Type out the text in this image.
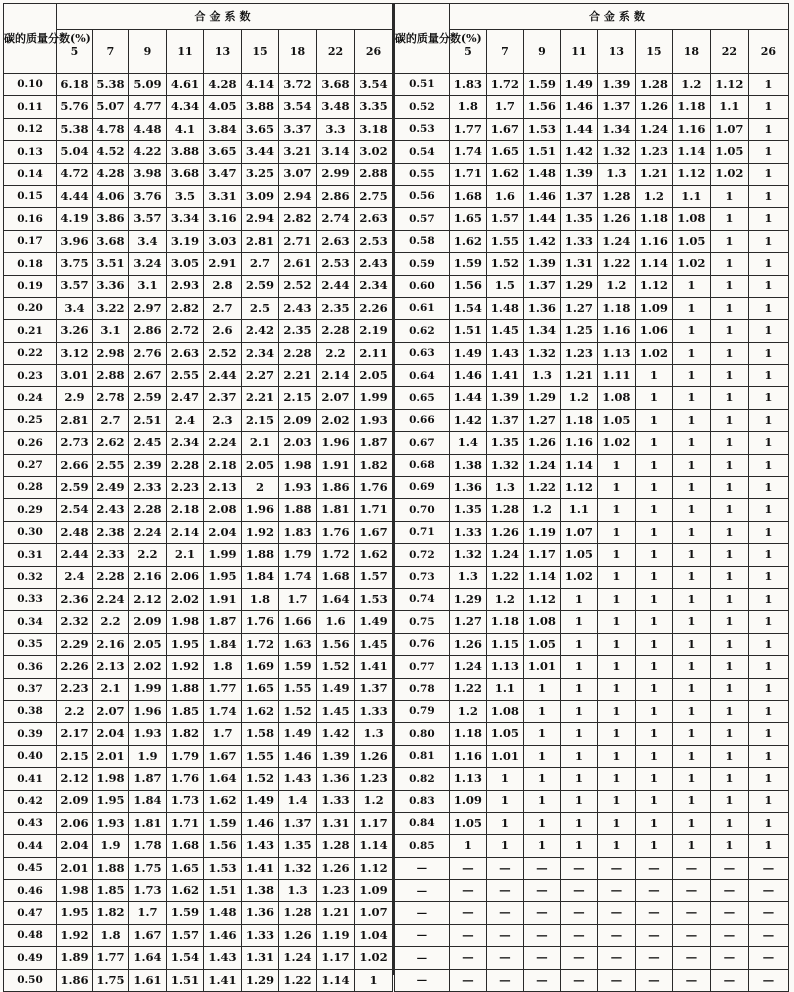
碳的质量分数(%)	合金系数								
	5	7	9	11	13	15	18	22	26
0.10	6.18	5.38	5.09	4.61	4.28	4.14	3.72	3.68	3.54
0.11	5.76	5.07	4.77	4.34	4.05	3.88	3.54	3.48	3.35
0.12	5.38	4.78	4.48	4.1	3.84	3.65	3.37	3.3	3.18
0.13	5.04	4.52	4.22	3.88	3.65	3.44	3.21	3.14	3.02
0.14	4.72	4.28	3.98	3.68	3.47	3.25	3.07	2.99	2.88
0.15	4.44	4.06	3.76	3.5	3.31	3.09	2.94	2.86	2.75
0.16	4.19	3.86	3.57	3.34	3.16	2.94	2.82	2.74	2.63
0.17	3.96	3.68	3.4	3.19	3.03	2.81	2.71	2.63	2.53
0.18	3.75	3.51	3.24	3.05	2.91	2.7	2.61	2.53	2.43
0.19	3.57	3.36	3.1	2.93	2.8	2.59	2.52	2.44	2.34
0.20	3.4	3.22	2.97	2.82	2.7	2.5	2.43	2.35	2.26
0.21	3.26	3.1	2.86	2.72	2.6	2.42	2.35	2.28	2.19
0.22	3.12	2.98	2.76	2.63	2.52	2.34	2.28	2.2	2.11
0.23	3.01	2.88	2.67	2.55	2.44	2.27	2.21	2.14	2.05
0.24	2.9	2.78	2.59	2.47	2.37	2.21	2.15	2.07	1.99
0.25	2.81	2.7	2.51	2.4	2.3	2.15	2.09	2.02	1.93
0.26	2.73	2.62	2.45	2.34	2.24	2.1	2.03	1.96	1.87
0.27	2.66	2.55	2.39	2.28	2.18	2.05	1.98	1.91	1.82
0.28	2.59	2.49	2.33	2.23	2.13	2	1.93	1.86	1.76
0.29	2.54	2.43	2.28	2.18	2.08	1.96	1.88	1.81	1.71
0.30	2.48	2.38	2.24	2.14	2.04	1.92	1.83	1.76	1.67
0.31	2.44	2.33	2.2	2.1	1.99	1.88	1.79	1.72	1.62
0.32	2.4	2.28	2.16	2.06	1.95	1.84	1.74	1.68	1.57
0.33	2.36	2.24	2.12	2.02	1.91	1.8	1.7	1.64	1.53
0.34	2.32	2.2	2.09	1.98	1.87	1.76	1.66	1.6	1.49
0.35	2.29	2.16	2.05	1.95	1.84	1.72	1.63	1.56	1.45
0.36	2.26	2.13	2.02	1.92	1.8	1.69	1.59	1.52	1.41
0.37	2.23	2.1	1.99	1.88	1.77	1.65	1.55	1.49	1.37
0.38	2.2	2.07	1.96	1.85	1.74	1.62	1.52	1.45	1.33
0.39	2.17	2.04	1.93	1.82	1.7	1.58	1.49	1.42	1.3
0.40	2.15	2.01	1.9	1.79	1.67	1.55	1.46	1.39	1.26
0.41	2.12	1.98	1.87	1.76	1.64	1.52	1.43	1.36	1.23
0.42	2.09	1.95	1.84	1.73	1.62	1.49	1.4	1.33	1.2
0.43	2.06	1.93	1.81	1.71	1.59	1.46	1.37	1.31	1.17
0.44	2.04	1.9	1.78	1.68	1.56	1.43	1.35	1.28	1.14
0.45	2.01	1.88	1.75	1.65	1.53	1.41	1.32	1.26	1.12
0.46	1.98	1.85	1.73	1.62	1.51	1.38	1.3	1.23	1.09
0.47	1.95	1.82	1.7	1.59	1.48	1.36	1.28	1.21	1.07
0.48	1.92	1.8	1.67	1.57	1.46	1.33	1.26	1.19	1.04
0.49	1.89	1.77	1.64	1.54	1.43	1.31	1.24	1.17	1.02
0.50	1.86	1.75	1.61	1.51	1.41	1.29	1.22	1.14	1
碳的质量分数(%)	合金系数								
	5	7	9	11	13	15	18	22	26
0.51	1.83	1.72	1.59	1.49	1.39	1.28	1.2	1.12	1
0.52	1.8	1.7	1.56	1.46	1.37	1.26	1.18	1.1	1
0.53	1.77	1.67	1.53	1.44	1.34	1.24	1.16	1.07	1
0.54	1.74	1.65	1.51	1.42	1.32	1.23	1.14	1.05	1
0.55	1.71	1.62	1.48	1.39	1.3	1.21	1.12	1.02	1
0.56	1.68	1.6	1.46	1.37	1.28	1.2	1.1	1	1
0.57	1.65	1.57	1.44	1.35	1.26	1.18	1.08	1	1
0.58	1.62	1.55	1.42	1.33	1.24	1.16	1.05	1	1
0.59	1.59	1.52	1.39	1.31	1.22	1.14	1.02	1	1
0.60	1.56	1.5	1.37	1.29	1.2	1.12	1	1	1
0.61	1.54	1.48	1.36	1.27	1.18	1.09	1	1	1
0.62	1.51	1.45	1.34	1.25	1.16	1.06	1	1	1
0.63	1.49	1.43	1.32	1.23	1.13	1.02	1	1	1
0.64	1.46	1.41	1.3	1.21	1.11	1	1	1	1
0.65	1.44	1.39	1.29	1.2	1.08	1	1	1	1
0.66	1.42	1.37	1.27	1.18	1.05	1	1	1	1
0.67	1.4	1.35	1.26	1.16	1.02	1	1	1	1
0.68	1.38	1.32	1.24	1.14	1	1	1	1	1
0.69	1.36	1.3	1.22	1.12	1	1	1	1	1
0.70	1.35	1.28	1.2	1.1	1	1	1	1	1
0.71	1.33	1.26	1.19	1.07	1	1	1	1	1
0.72	1.32	1.24	1.17	1.05	1	1	1	1	1
0.73	1.3	1.22	1.14	1.02	1	1	1	1	1
0.74	1.29	1.2	1.12	1	1	1	1	1	1
0.75	1.27	1.18	1.08	1	1	1	1	1	1
0.76	1.26	1.15	1.05	1	1	1	1	1	1
0.77	1.24	1.13	1.01	1	1	1	1	1	1
0.78	1.22	1.1	1	1	1	1	1	1	1
0.79	1.2	1.08	1	1	1	1	1	1	1
0.80	1.18	1.05	1	1	1	1	1	1	1
0.81	1.16	1.01	1	1	1	1	1	1	1
0.82	1.13	1	1	1	1	1	1	1	1
0.83	1.09	1	1	1	1	1	1	1	1
0.84	1.05	1	1	1	1	1	1	1	1
0.85	1	1	1	1	1	1	1	1	1
—	—	—	—	—	—	—	—	—	—
—	—	—	—	—	—	—	—	—	—
—	—	—	—	—	—	—	—	—	—
—	—	—	—	—	—	—	—	—	—
—	—	—	—	—	—	—	—	—	—
—	—	—	—	—	—	—	—	—	—
